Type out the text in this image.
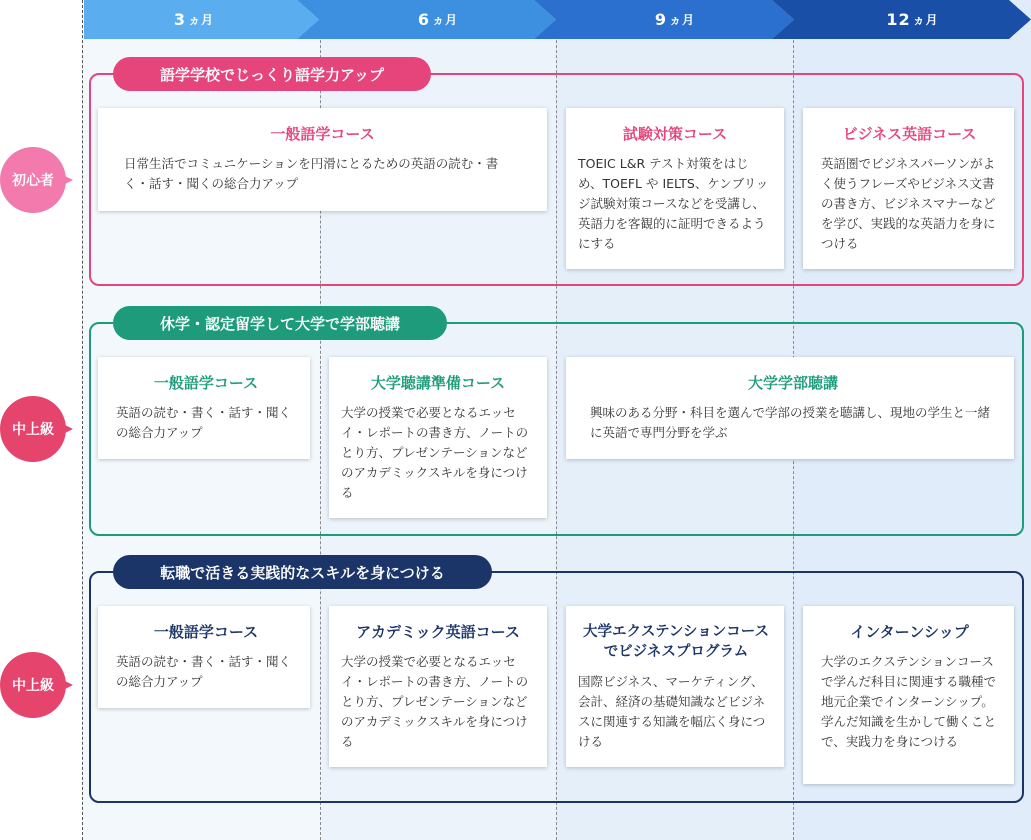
3 ヵ月	6 ヵ月	9 ヵ月	12 ヵ月
語学学校でじっくり語学力アップ
初心者
一般語学コース
日常生活でコミュニケーションを円滑にとるための英語の読む・書く・話す・聞くの総合力アップ
試験対策コース
TOEIC L&R テスト対策をはじめ、TOEFL や IELTS、ケンブリッジ試験対策コースなどを受講し、英語力を客観的に証明できるようにする
ビジネス英語コース
英語圏でビジネスパーソンがよく使うフレーズやビジネス文書の書き方、ビジネスマナーなどを学び、実践的な英語力を身につける
休学・認定留学して大学で学部聴講
中上級
一般語学コース
英語の読む・書く・話す・聞くの総合力アップ
大学聴講準備コース
大学の授業で必要となるエッセイ・レポートの書き方、ノートのとり方、プレゼンテーションなどのアカデミックスキルを身につける
大学学部聴講
興味のある分野・科目を選んで学部の授業を聴講し、現地の学生と一緒に英語で専門分野を学ぶ
転職で活きる実践的なスキルを身につける
中上級
一般語学コース
英語の読む・書く・話す・聞くの総合力アップ
アカデミック英語コース
大学の授業で必要となるエッセイ・レポートの書き方、ノートのとり方、プレゼンテーションなどのアカデミックスキルを身につける
大学エクステンションコースでビジネスプログラム
国際ビジネス、マーケティング、会計、経済の基礎知識などビジネスに関連する知識を幅広く身につける
インターンシップ
大学のエクステンションコースで学んだ科目に関連する職種で地元企業でインターンシップ。学んだ知識を生かして働くことで、実践力を身につける
